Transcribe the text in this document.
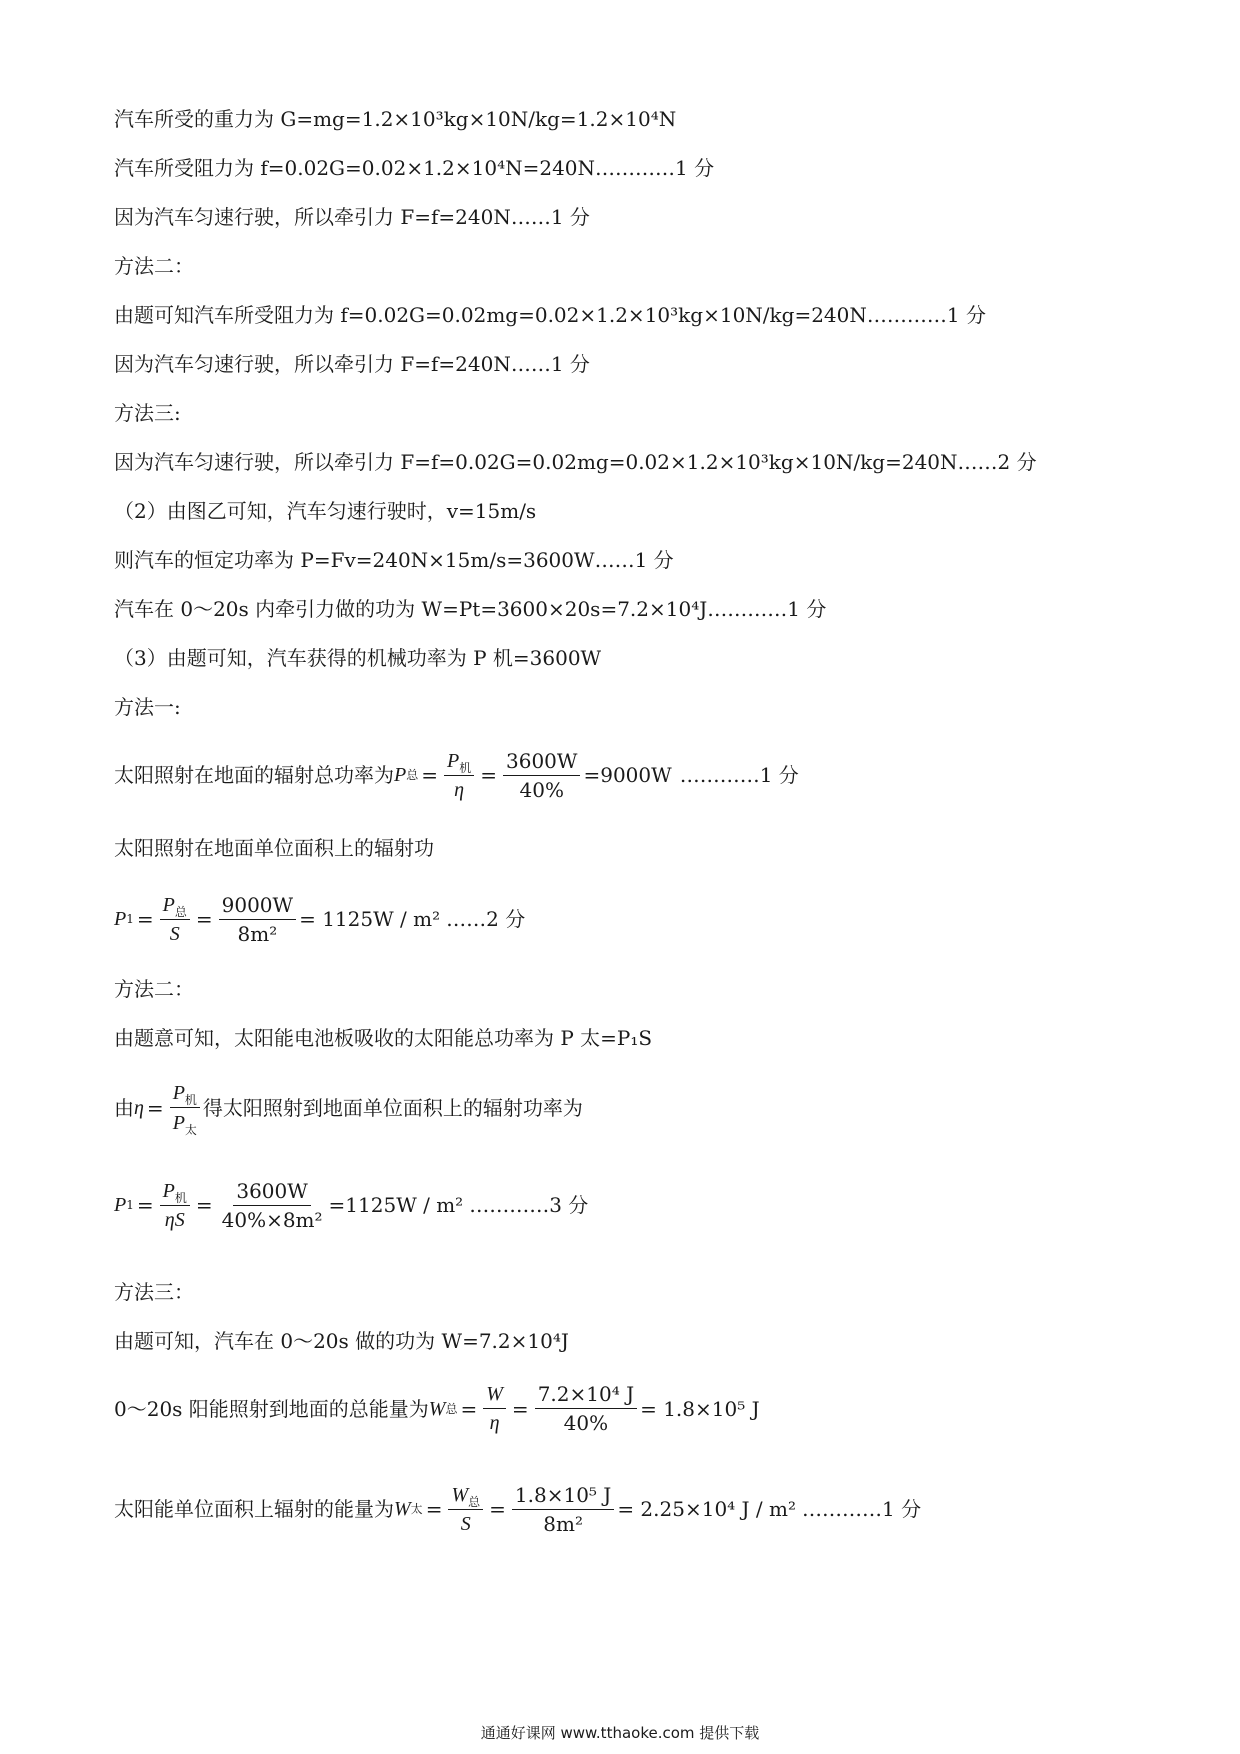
汽车所受的重力为 G=mg=1.2×10³kg×10N/kg=1.2×10⁴N
汽车所受阻力为 f=0.02G=0.02×1.2×10⁴N=240N…………1 分
因为汽车匀速行驶，所以牵引力 F=f=240N……1 分
方法二：
由题可知汽车所受阻力为 f=0.02G=0.02mg=0.02×1.2×10³kg×10N/kg=240N…………1 分
因为汽车匀速行驶，所以牵引力 F=f=240N……1 分
方法三:
因为汽车匀速行驶，所以牵引力 F=f=0.02G=0.02mg=0.02×1.2×10³kg×10N/kg=240N……2 分
（2）由图乙可知，汽车匀速行驶时，v=15m/s
则汽车的恒定功率为 P=Fv=240N×15m/s=3600W……1 分
汽车在 0～20s 内牵引力做的功为 W=Pt=3600×20s=7.2×10⁴J…………1 分
（3）由题可知，汽车获得的机械功率为 P 机=3600W
方法一:
太阳照射在地面的辐射总功率为 P 总 = $\frac{P_机}{\eta} = \frac{3600W}{40\%} =9000W$ …………1 分
太阳照射在地面单位面积上的辐射功
P $1 = \frac{P_总}{S} = \frac{9000W}{\text{8m²}} = 1125W / m^2$ ……2 分
方法二：
由题意可知，太阳能电池板吸收的太阳能总功率为 P 太=P₁S
由 $\eta = \frac{P_机}{P_太}$ 得太阳照射到地面单位面积上的辐射功率为
P $1 = \frac{P_机}{\eta S} = \frac{3600W}{\text{40\%×8m²}} =1125W / m^2$ …………3 分
方法三：
由题可知，汽车在 0～20s 做的功为 W=7.2×10⁴J
0～20s 阳能照射到地面的总能量为 W 总 = $\frac{W}{\eta} = \frac{\text{7.2×10⁴ J}}{40\%} = 1.8\times 10^5$ J
太阳能单位面积上辐射的能量为 W 太 = $\frac{W_总}{S} = \frac{\text{1.8×10⁵ J}}{\text{8m²}} = 2.25\times 10^4$ J / m² …………1 分
通通好课网 www.tthaoke.com 提供下载
